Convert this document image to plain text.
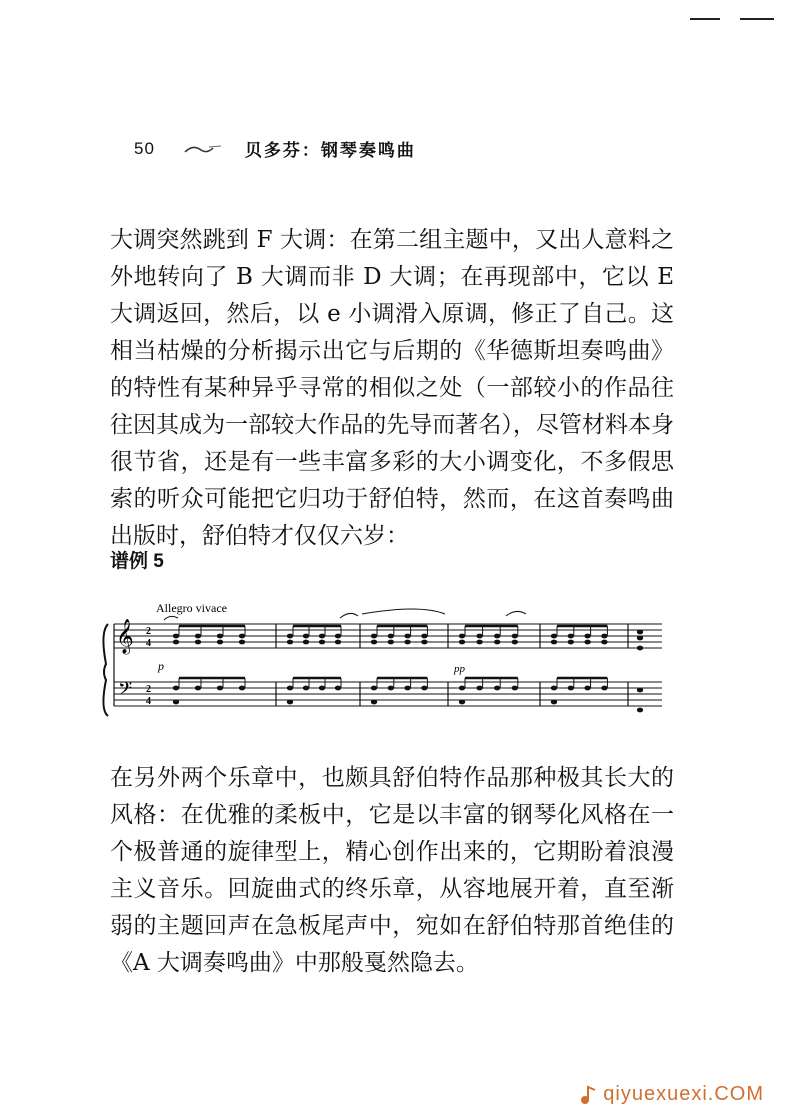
50	贝多芬：钢琴奏鸣曲

大调突然跳到 F 大调：在第二组主题中，又出人意料之外地转向了 B 大调而非 D 大调；在再现部中，它以 E 大调返回，然后，以 e 小调滑入原调，修正了自己。这相当枯燥的分析揭示出它与后期的《华德斯坦奏鸣曲》的特性有某种异乎寻常的相似之处（一部较小的作品往往因其成为一部较大作品的先导而著名），尽管材料本身很节省，还是有一些丰富多彩的大小调变化，不多假思索的听众可能把它归功于舒伯特，然而，在这首奏鸣曲出版时，舒伯特才仅仅六岁：

谱例 5
Allegro vivace
𝄞
𝄢
2
4
2
4
p	pp

在另外两个乐章中，也颇具舒伯特作品那种极其长大的风格：在优雅的柔板中，它是以丰富的钢琴化风格在一个极普通的旋律型上，精心创作出来的，它期盼着浪漫主义音乐。回旋曲式的终乐章，从容地展开着，直至渐弱的主题回声在急板尾声中，宛如在舒伯特那首绝佳的《A 大调奏鸣曲》中那般戛然隐去。

qiyuexuexi.COM
